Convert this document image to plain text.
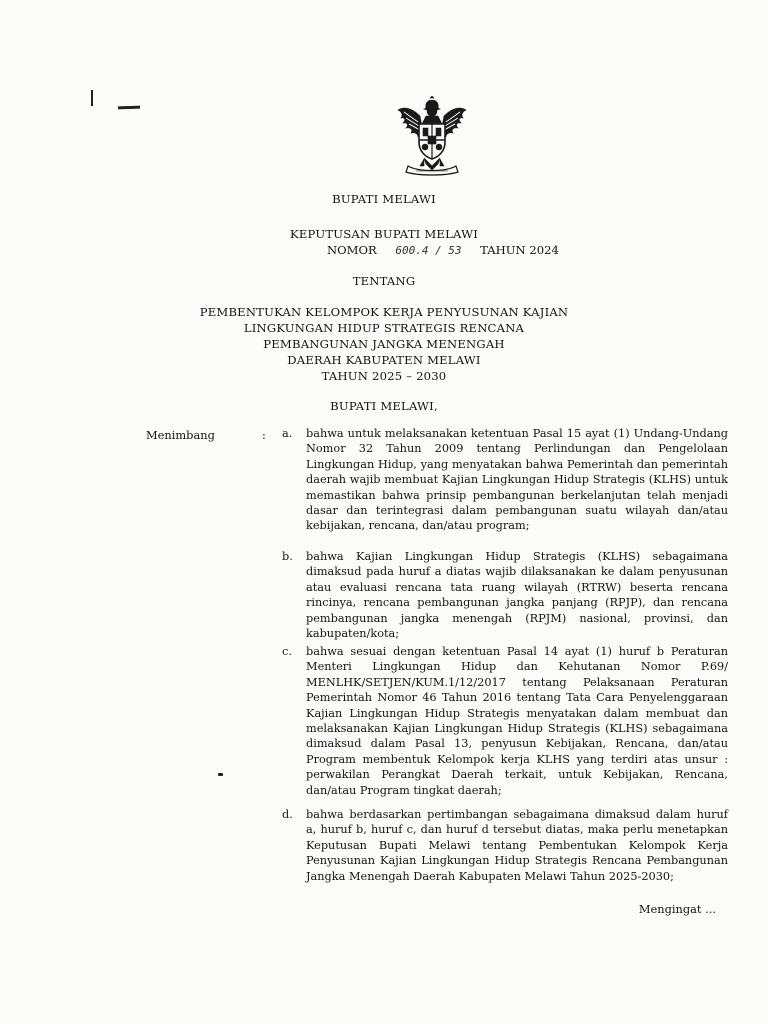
BUPATI MELAWI
KEPUTUSAN BUPATI MELAWI
NOMOR 600.4 / 53 TAHUN 2024
TENTANG
PEMBENTUKAN KELOMPOK KERJA PENYUSUNAN KAJIAN
LINGKUNGAN HIDUP STRATEGIS RENCANA
PEMBANGUNAN JANGKA MENENGAH
DAERAH KABUPATEN MELAWI
TAHUN 2025 – 2030
BUPATI MELAWI,
Menimbang	: a. bahwa untuk melaksanakan ketentuan Pasal 15 ayat (1) Undang-Undang Nomor 32 Tahun 2009 tentang Perlindungan dan Pengelolaan Lingkungan Hidup, yang menyatakan bahwa Pemerintah dan pemerintah daerah wajib membuat Kajian Lingkungan Hidup Strategis (KLHS) untuk memastikan bahwa prinsip pembangunan berkelanjutan telah menjadi dasar dan terintegrasi dalam pembangunan suatu wilayah dan/atau kebijakan, rencana, dan/atau program;
b. bahwa Kajian Lingkungan Hidup Strategis (KLHS) sebagaimana dimaksud pada huruf a diatas wajib dilaksanakan ke dalam penyusunan atau evaluasi rencana tata ruang wilayah (RTRW) beserta rencana rincinya, rencana pembangunan jangka panjang (RPJP), dan rencana pembangunan jangka menengah (RPJM) nasional, provinsi, dan kabupaten/kota;
c. bahwa sesuai dengan ketentuan Pasal 14 ayat (1) huruf b Peraturan Menteri Lingkungan Hidup dan Kehutanan Nomor P.69/ MENLHK/SETJEN/KUM.1/12/2017 tentang Pelaksanaan Peraturan Pemerintah Nomor 46 Tahun 2016 tentang Tata Cara Penyelenggaraan Kajian Lingkungan Hidup Strategis menyatakan dalam membuat dan melaksanakan Kajian Lingkungan Hidup Strategis (KLHS) sebagaimana dimaksud dalam Pasal 13, penyusun Kebijakan, Rencana, dan/atau Program membentuk Kelompok kerja KLHS yang terdiri atas unsur : perwakilan Perangkat Daerah terkait, untuk Kebijakan, Rencana, dan/atau Program tingkat daerah;
d. bahwa berdasarkan pertimbangan sebagaimana dimaksud dalam huruf a, huruf b, huruf c, dan huruf d tersebut diatas, maka perlu menetapkan Keputusan Bupati Melawi tentang Pembentukan Kelompok Kerja Penyusunan Kajian Lingkungan Hidup Strategis Rencana Pembangunan Jangka Menengah Daerah Kabupaten Melawi Tahun 2025-2030;
Mengingat ...
